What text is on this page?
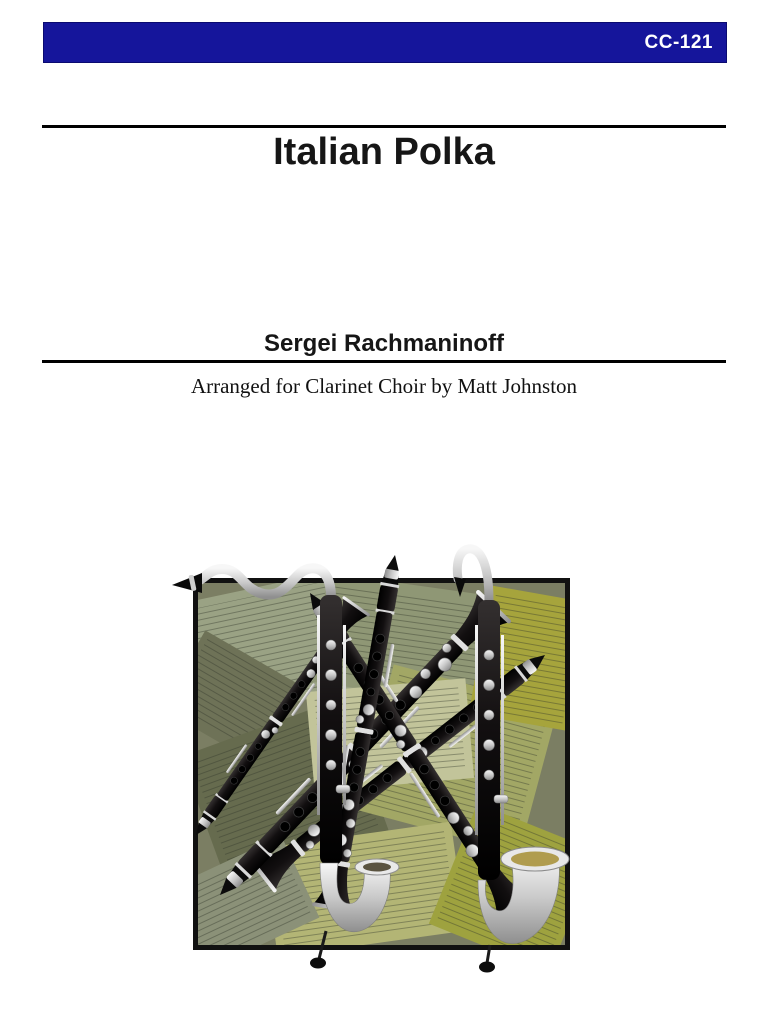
CC-121
Italian Polka
Sergei Rachmaninoff
Arranged for Clarinet Choir by Matt Johnston
